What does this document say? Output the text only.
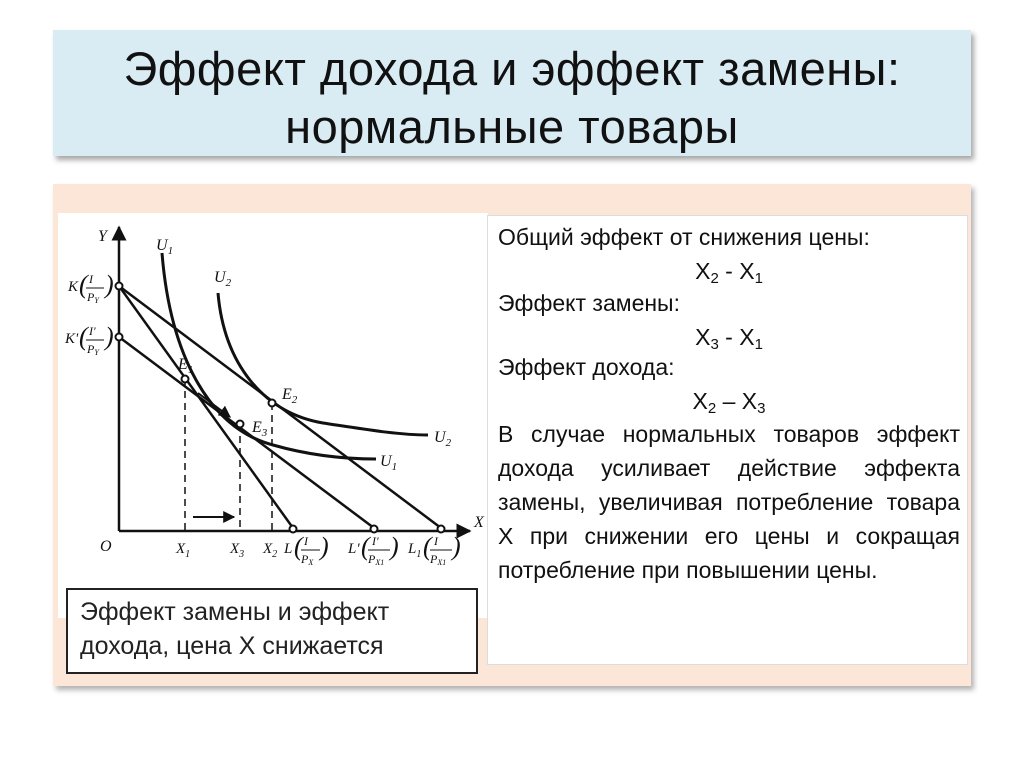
Эффект дохода и эффект замены:
нормальные товары
Y
X
O
$U_1$
$U_2$
$U_2$
$U_1$
$E_1$
$E_2$
$E_3$
$X_1$	$X_3$ $X_2$
K ( I
PY
)
K' ( I'
PY
)
L ( I
PX
) L' ( I'
PX1
) $L_1$ ( I
PX1
)
Эффект замены и эффект
дохода, цена X снижается
Общий эффект от снижения цены:
X2 - X1
Эффект замены:
X3 - X1
Эффект дохода:
X2 – X3
В случае нормальных товаров эффект дохода усиливает действие эффекта замены, увеличивая потребление товара Х при снижении его цены и сокращая потребление при повышении цены.
